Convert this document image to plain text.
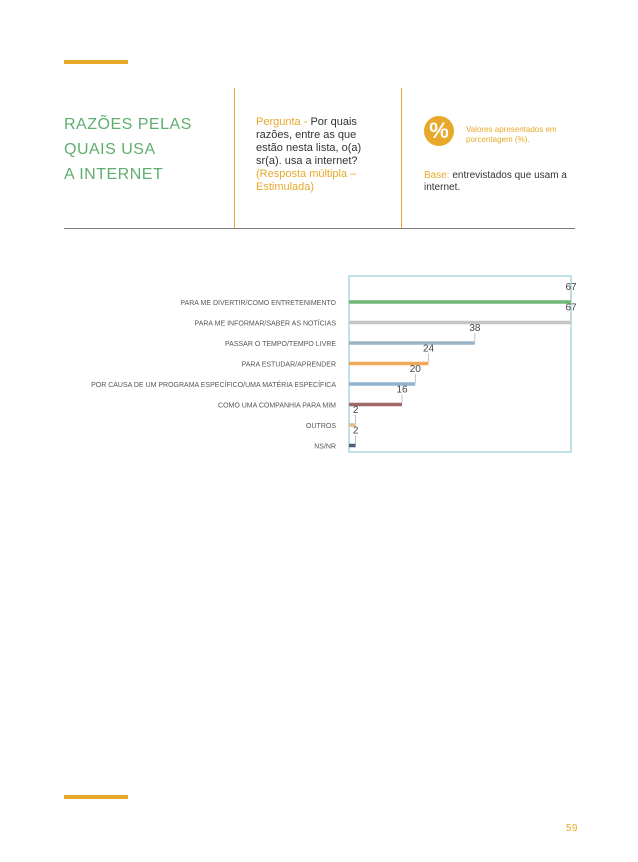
RAZÕES PELAS
QUAIS USA
A INTERNET
Pergunta - Por quais razões, entre as que estão nesta lista, o(a) sr(a). usa a internet? (Resposta múltipla – Estimulada)
%	Valores apresentados em porcentagem (%).
Base: entrevistados que usam a internet.
PARA ME DIVERTIR/COMO ENTRETENIMENTO
67
PARA ME INFORMAR/SABER AS NOTÍCIAS
67
PASSAR O TEMPO/TEMPO LIVRE
38
PARA ESTUDAR/APRENDER
24
POR CAUSA DE UM PROGRAMA ESPECÍFICO/UMA MATÉRIA ESPECÍFICA
20
COMO UMA COMPANHIA PARA MIM
16
OUTROS
2
NS/NR
2
59
